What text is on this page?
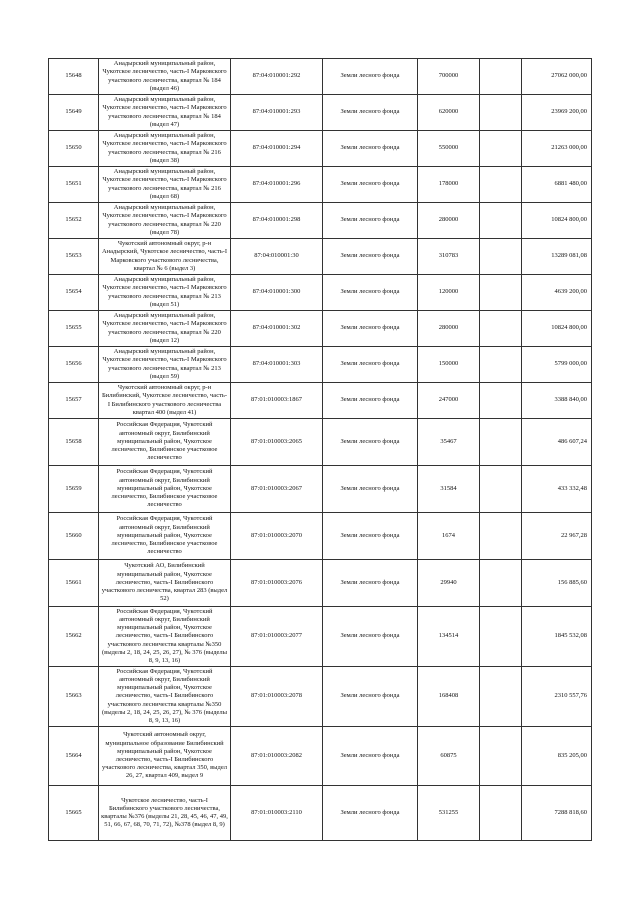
15648	Анадырский муниципальный район, Чукотское лесничество, часть-I Марковского участкового лесничества, квартал № 184 (выдел 46)	87:04:010001:292	Земли лесного фонда	700000		27062 000,00
15649	Анадырский муниципальный район, Чукотское лесничество, часть-I Марковского участкового лесничества, квартал № 184 (выдел 47)	87:04:010001:293	Земли лесного фонда	620000		23969 200,00
15650	Анадырский муниципальный район, Чукотское лесничество, часть-I Марковского участкового лесничества, квартал № 216 (выдел 38)	87:04:010001:294	Земли лесного фонда	550000		21263 000,00
15651	Анадырский муниципальный район, Чукотское лесничество, часть-I Марковского участкового лесничества, квартал № 216 (выдел 68)	87:04:010001:296	Земли лесного фонда	178000		6881 480,00
15652	Анадырский муниципальный район, Чукотское лесничество, часть-I Марковского участкового лесничества, квартал № 220 (выдел 78)	87:04:010001:298	Земли лесного фонда	280000		10824 800,00
15653	Чукотский автономный округ, р-н Анадырский, Чукотское лесничество, часть-I Марковского участкового лесничества, квартал № 6 (выдел 3)	87:04:010001:30	Земли лесного фонда	310783		13289 081,08
15654	Анадырский муниципальный район, Чукотское лесничество, часть-I Марковского участкового лесничества, квартал № 213 (выдел 51)	87:04:010001:300	Земли лесного фонда	120000		4639 200,00
15655	Анадырский муниципальный район, Чукотское лесничество, часть-I Марковского участкового лесничества, квартал № 220 (выдел 12)	87:04:010001:302	Земли лесного фонда	280000		10824 800,00
15656	Анадырский муниципальный район, Чукотское лесничество, часть-I Марковского участкового лесничества, квартал № 213 (выдел 59)	87:04:010001:303	Земли лесного фонда	150000		5799 000,00
15657	Чукотский автономный округ, р-н Билибинский, Чукотское лесничество, часть- I Билибинского участкового лесничества квартал 400 (выдел 41)	87:01:010003:1867	Земли лесного фонда	247000		3388 840,00
15658	Российская Федерация, Чукотский автономный округ, Билибинский муниципальный район, Чукотское лесничество, Билибинское участковое лесничество	87:01:010003:2065	Земли лесного фонда	35467		486 607,24
15659	Российская Федерация, Чукотский автономный округ, Билибинский муниципальный район, Чукотское лесничество, Билибинское участковое лесничество	87:01:010003:2067	Земли лесного фонда	31584		433 332,48
15660	Российская Федерация, Чукотский автономный округ, Билибинский муниципальный район, Чукотское лесничество, Билибинское участковое лесничество	87:01:010003:2070	Земли лесного фонда	1674		22 967,28
15661	Чукотский АО, Билибинский муниципальный район, Чукотское лесничество, часть-I Билибинского участкового лесничества, квартал 283 (выдел 52)	87:01:010003:2076	Земли лесного фонда	29940		156 885,60
15662	Российская Федерация, Чукотский автономный округ, Билибинский муниципальный район, Чукотское лесничество, часть-I Билибинского участкового лесничества кварталы №350 (выделы 2, 18, 24, 25, 26, 27), № 376 (выделы 8, 9, 13, 16)	87:01:010003:2077	Земли лесного фонда	134514		1845 532,08
15663	Российская Федерация, Чукотский автономный округ, Билибинский муниципальный район, Чукотское лесничество, часть-I Билибинского участкового лесничества кварталы №350 (выделы 2, 18, 24, 25, 26, 27), № 376 (выделы 8, 9, 13, 16)	87:01:010003:2078	Земли лесного фонда	168408		2310 557,76
15664	Чукотский автономный округ, муниципальное образование Билибинский муниципальный район, Чукотское лесничество, часть-I Билибинского участкового лесничества, квартал 350, выдел 26, 27, квартал 409, выдел 9	87:01:010003:2082	Земли лесного фонда	60875		835 205,00
15665	Чукотское лесничество, часть-I Билибинского участкового лесничества, кварталы №376 (выделы 21, 28, 45, 46, 47, 49, 51, 66, 67, 68, 70, 71, 72), №378 (выдел 8, 9)	87:01:010003:2110	Земли лесного фонда	531255		7288 818,60
